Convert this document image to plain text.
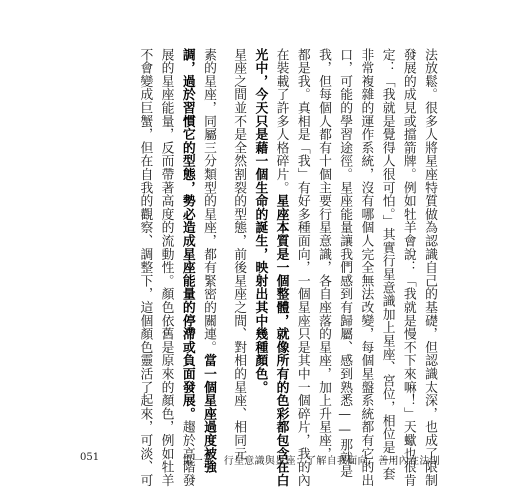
法放鬆。很多人將星座特質做為認識自己的基礎，但認識太深，也成了限制
發展的成見或擋箭牌。例如牡羊會說：「我就是慢不下來嘛！」天蠍也很肯
定：「我就是覺得人很可怕。」其實行星意識加上星座、宮位，相位是一套
非常複雜的運作系統，沒有哪個人完全無法改變，每個星盤系統都有它的出
口，可能的學習途徑。星座能量讓我們感到有歸屬、感到熟悉——那就是
我，但每個人都有十個主要行星意識，各自座落的星座，加上升星座，
都是我。真相是「我」有好多種面向，一個星座只是其中一個碎片，我的內
在裝載了許多人格碎片。星座本質是一個整體，就像所有的色彩都包含在白
光中，今天只是藉一個生命的誕生，映射出其中幾種顏色。
星座之間並不是全然割裂的型態，前後星座之間、對相的星座、相同元
素的星座，同屬三分類型的星座，都有緊密的關連。當一個星座過度被強
調，過於習慣它的型態，勢必造成星座能量的停滯或負面發展。趨於高階發
展的星座能量，反而帶著高度的流動性。顏色依舊是原來的顏色，例如牡羊
不會變成巨蟹，但在自我的觀察、調整下，這個顏色靈活了起來，可淡、可
051	第一章　行星意識與星座：了解自我面向，善用內在法則
